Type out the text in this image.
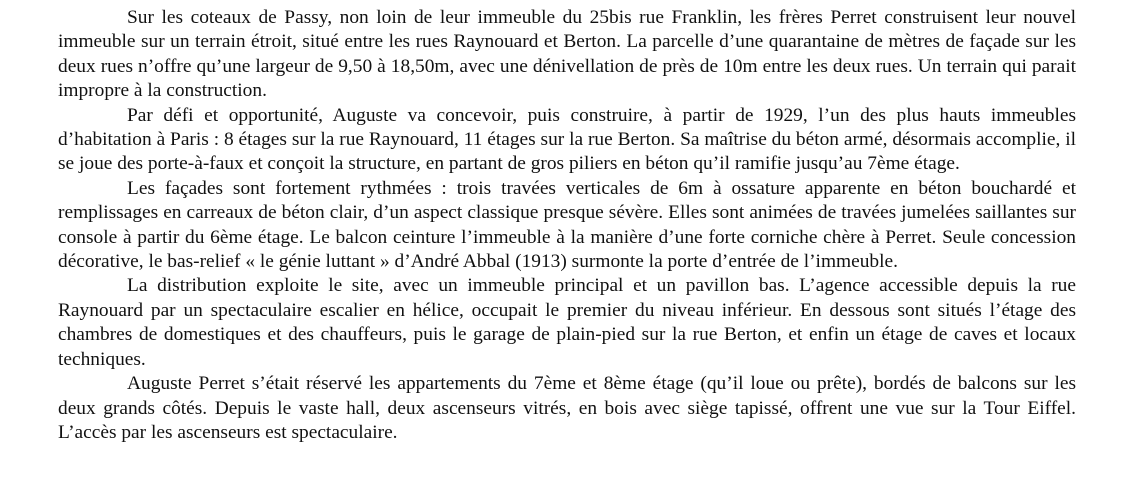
Sur les coteaux de Passy, non loin de leur immeuble du 25bis rue Franklin, les frères Perret construisent leur nouvel immeuble sur un terrain étroit, situé entre les rues Raynouard et Berton. La parcelle d’une quarantaine de mètres de façade sur les deux rues n’offre qu’une largeur de 9,50 à 18,50m, avec une dénivellation de près de 10m entre les deux rues. Un terrain qui parait impropre à la construction.

Par défi et opportunité, Auguste va concevoir, puis construire, à partir de 1929, l’un des plus hauts immeubles d’habitation à Paris : 8 étages sur la rue Raynouard, 11 étages sur la rue Berton. Sa maîtrise du béton armé, désormais accomplie, il se joue des porte-à-faux et conçoit la structure, en partant de gros piliers en béton qu’il ramifie jusqu’au 7ème étage.

Les façades sont fortement rythmées : trois travées verticales de 6m à ossature apparente en béton bouchardé et remplissages en carreaux de béton clair, d’un aspect classique presque sévère. Elles sont animées de travées jumelées saillantes sur console à partir du 6ème étage. Le balcon ceinture l’immeuble à la manière d’une forte corniche chère à Perret. Seule concession décorative, le bas-relief « le génie luttant » d’André Abbal (1913) surmonte la porte d’entrée de l’immeuble.

La distribution exploite le site, avec un immeuble principal et un pavillon bas. L’agence accessible depuis la rue Raynouard par un spectaculaire escalier en hélice, occupait le premier du niveau inférieur. En dessous sont situés l’étage des chambres de domestiques et des chauffeurs, puis le garage de plain-pied sur la rue Berton, et enfin un étage de caves et locaux techniques.

Auguste Perret s’était réservé les appartements du 7ème et 8ème étage (qu’il loue ou prête), bordés de balcons sur les deux grands côtés. Depuis le vaste hall, deux ascenseurs vitrés, en bois avec siège tapissé, offrent une vue sur la Tour Eiffel. L’accès par les ascenseurs est spectaculaire.
